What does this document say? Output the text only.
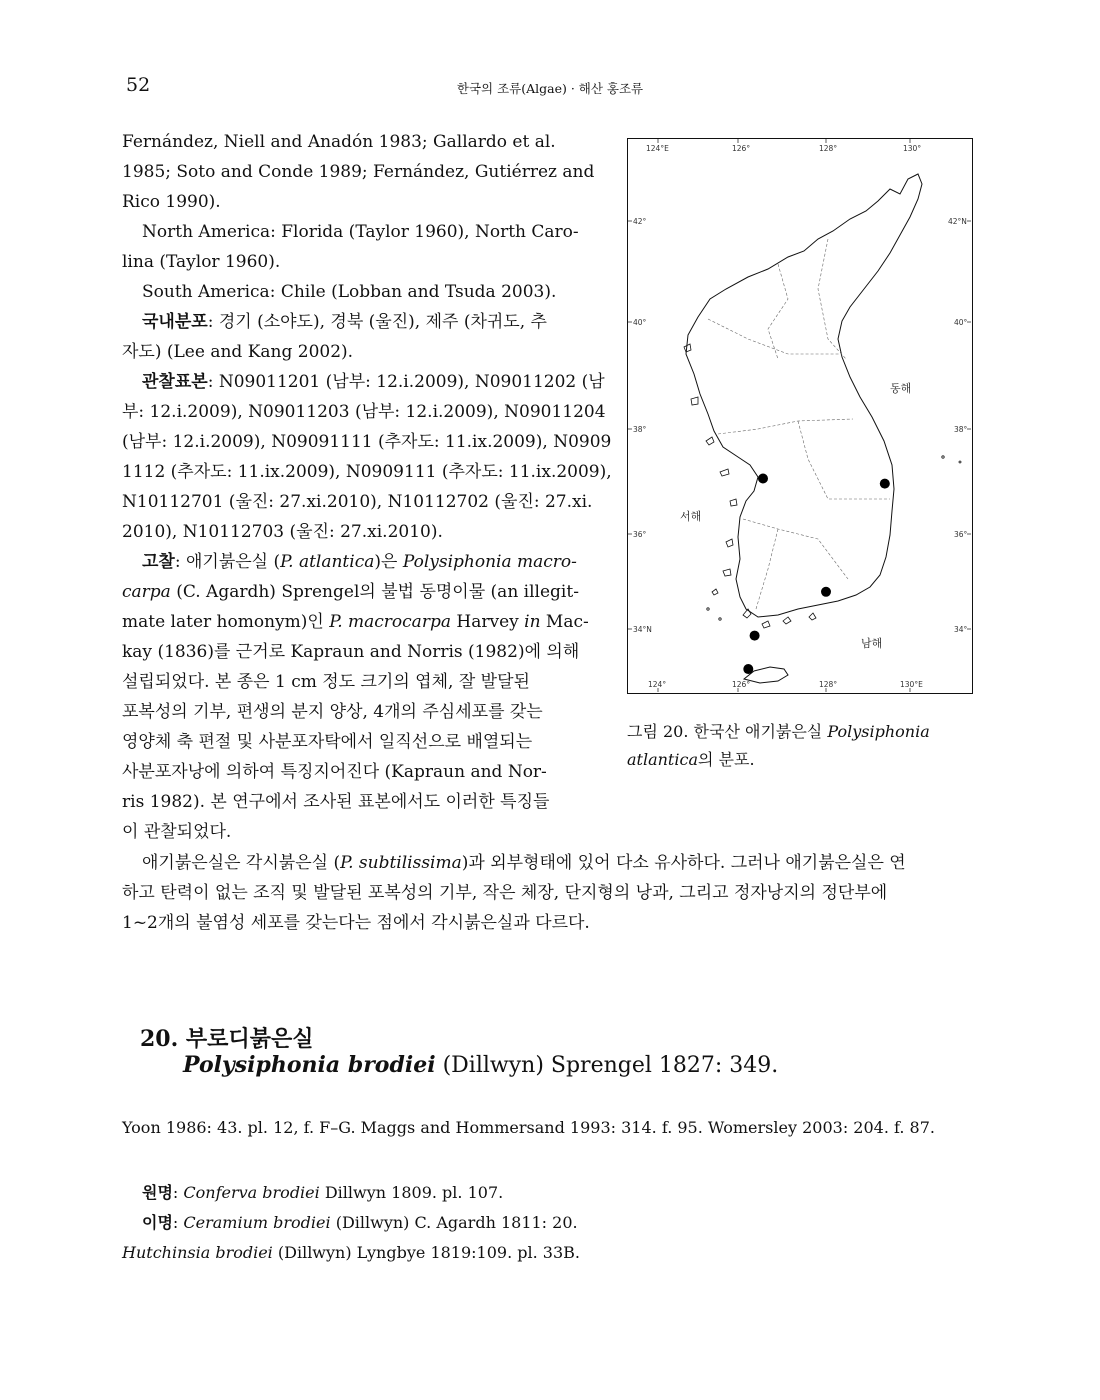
52	한국의 조류(Algae) · 해산 홍조류
Fernández, Niell and Anadón 1983; Gallardo et al.
1985; Soto and Conde 1989; Fernández, Gutiérrez and
Rico 1990).
North America: Florida (Taylor 1960), North Caro-
lina (Taylor 1960).
South America: Chile (Lobban and Tsuda 2003).
국내분포: 경기 (소야도), 경북 (울진), 제주 (차귀도, 추
자도) (Lee and Kang 2002).
관찰표본: N09011201 (남부: 12.i.2009), N09011202 (남
부: 12.i.2009), N09011203 (남부: 12.i.2009), N09011204
(남부: 12.i.2009), N09091111 (추자도: 11.ix.2009), N0909
1112 (추자도: 11.ix.2009), N0909111 (추자도: 11.ix.2009),
N10112701 (울진: 27.xi.2010), N10112702 (울진: 27.xi.
2010), N10112703 (울진: 27.xi.2010).
고찰: 애기붉은실 (P. atlantica)은 Polysiphonia macro-
carpa (C. Agardh) Sprengel의 불법 동명이물 (an illegit-
mate later homonym)인 P. macrocarpa Harvey in Mac-
kay (1836)를 근거로 Kapraun and Norris (1982)에 의해
설립되었다. 본 종은 1 cm 정도 크기의 엽체, 잘 발달된
포복성의 기부, 편생의 분지 양상, 4개의 주심세포를 갖는
영양체 축 편절 및 사분포자탁에서 일직선으로 배열되는
사분포자낭에 의하여 특징지어진다 (Kapraun and Nor-
ris 1982). 본 연구에서 조사된 표본에서도 이러한 특징들
이 관찰되었다.
124°E	126°	128°	130°
124°	126°	128°	130°E
42°
40°
38°
36°
34°N
42°N
40°
38°
36°
34°
동해
서해
남해
그림 20. 한국산 애기붉은실 Polysiphonia
atlantica의 분포.
애기붉은실은 각시붉은실 (P. subtilissima)과 외부형태에 있어 다소 유사하다. 그러나 애기붉은실은 연
하고 탄력이 없는 조직 및 발달된 포복성의 기부, 작은 체장, 단지형의 낭과, 그리고 정자낭지의 정단부에
1~2개의 불염성 세포를 갖는다는 점에서 각시붉은실과 다르다.
20. 부로디붉은실
Polysiphonia brodiei (Dillwyn) Sprengel 1827: 349.
Yoon 1986: 43. pl. 12, f. F–G. Maggs and Hommersand 1993: 314. f. 95. Womersley 2003: 204. f. 87.
원명: Conferva brodiei Dillwyn 1809. pl. 107.
이명: Ceramium brodiei (Dillwyn) C. Agardh 1811: 20.
Hutchinsia brodiei (Dillwyn) Lyngbye 1819:109. pl. 33B.
